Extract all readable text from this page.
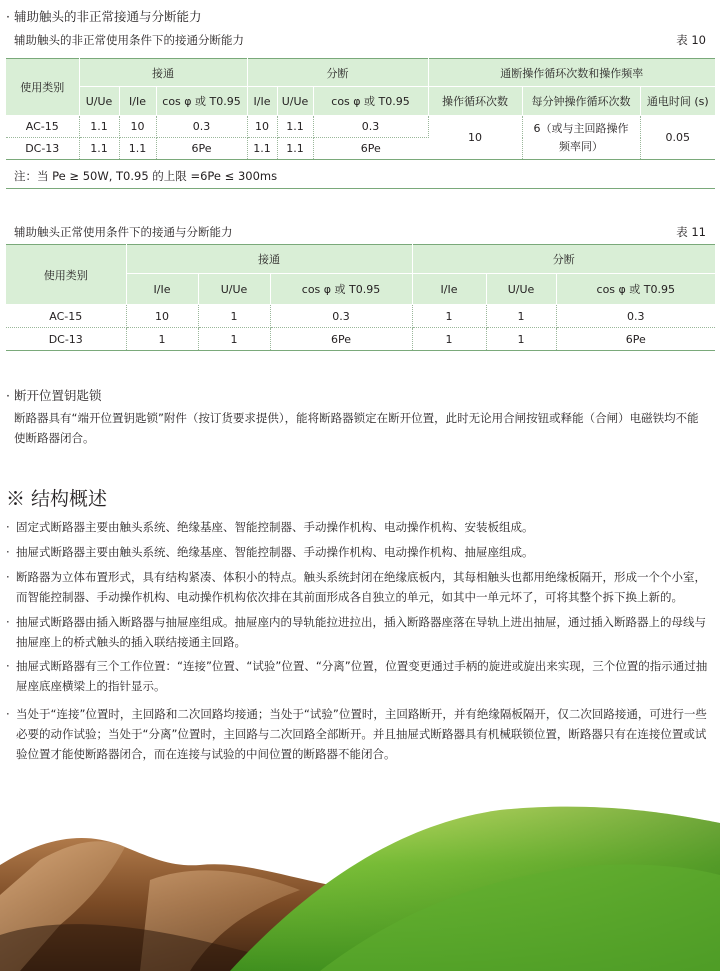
· 辅助触头的非正常接通与分断能力
辅助触头的非正常使用条件下的接通分断能力	表 10
使用类别	接通			分断			通断操作循环次数和操作频率		
	U/Ue	I/Ie	cos φ 或 T0.95	I/Ie	U/Ue	cos φ 或 T0.95	操作循环次数	每分钟操作循环次数	通电时间 (s)
AC-15	1.1	10	0.3	10	1.1	0.3	10	6（或与主回路操作频率同）	0.05
DC-13	1.1	1.1	6Pe	1.1	1.1	6Pe			
注：当 Pe ≥ 50W, T0.95 的上限 =6Pe ≤ 300ms
辅助触头正常使用条件下的接通与分断能力	表 11
使用类别	接通			分断		
	I/Ie	U/Ue	cos φ 或 T0.95	I/Ie	U/Ue	cos φ 或 T0.95
AC-15	10	1	0.3	1	1	0.3
DC-13	1	1	6Pe	1	1	6Pe
· 断开位置钥匙锁
断路器具有“端开位置钥匙锁”附件（按订货要求提供），能将断路器锁定在断开位置，此时无论用合闸按钮或释能（合闸）电磁铁均不能使断路器闭合。
※ 结构概述
· 固定式断路器主要由触头系统、绝缘基座、智能控制器、手动操作机构、电动操作机构、安装板组成。
· 抽屉式断路器主要由触头系统、绝缘基座、智能控制器、手动操作机构、电动操作机构、抽屉座组成。
· 断路器为立体布置形式，具有结构紧凑、体积小的特点。触头系统封闭在绝缘底板内，其每相触头也都用绝缘板隔开，形成一个个小室，而智能控制器、手动操作机构、电动操作机构依次排在其前面形成各自独立的单元，如其中一单元坏了，可将其整个拆下换上新的。
· 抽屉式断路器由插入断路器与抽屉座组成。抽屉座内的导轨能拉进拉出，插入断路器座落在导轨上进出抽屉，通过插入断路器上的母线与抽屉座上的桥式触头的插入联结接通主回路。
· 抽屉式断路器有三个工作位置：“连接”位置、“试验”位置、“分离”位置，位置变更通过手柄的旋进或旋出来实现，三个位置的指示通过抽屉座底座横梁上的指针显示。
· 当处于“连接”位置时，主回路和二次回路均接通；当处于“试验”位置时，主回路断开，并有绝缘隔板隔开，仅二次回路接通，可进行一些必要的动作试验；当处于“分离”位置时，主回路与二次回路全部断开。并且抽屉式断路器具有机械联锁位置，断路器只有在连接位置或试验位置才能使断路器闭合，而在连接与试验的中间位置的断路器不能闭合。
